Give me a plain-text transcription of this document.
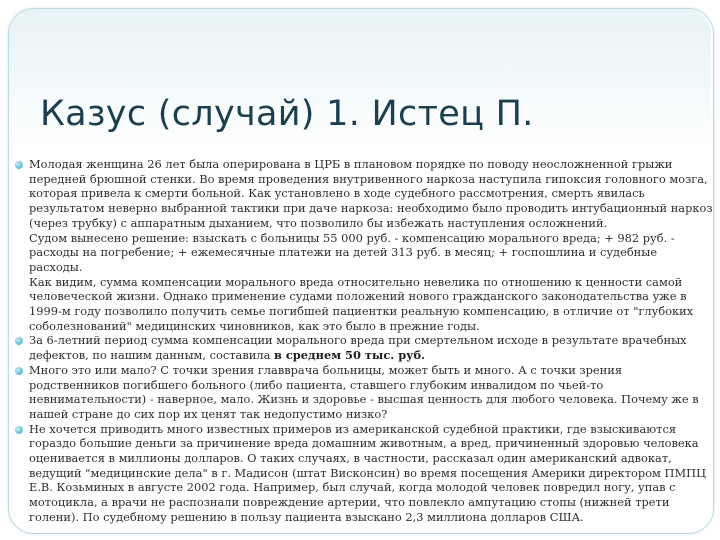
Казус (случай) 1. Истец П.
Молодая женщина 26 лет была оперирована в ЦРБ в плановом порядке по поводу неосложненной грыжи передней брюшной стенки. Во время проведения внутривенного наркоза наступила гипоксия головного мозга, которая привела к смерти больной. Как установлено в ходе судебного рассмотрения, смерть явилась результатом неверно выбранной тактики при даче наркоза: необходимо было проводить интубационный наркоз (через трубку) с аппаратным дыханием, что позволило бы избежать наступления осложнений.
Судом вынесено решение: взыскать с больницы 55 000 руб. - компенсацию морального вреда; + 982 руб. - расходы на погребение; + ежемесячные платежи на детей 313 руб. в месяц; + госпошлина и судебные расходы.
Как видим, сумма компенсации морального вреда относительно невелика по отношению к ценности самой человеческой жизни. Однако применение судами положений нового гражданского законодательства уже в 1999-м году позволило получить семье погибшей пациентки реальную компенсацию, в отличие от "глубоких соболезнований" медицинских чиновников, как это было в прежние годы.
За 6-летний период сумма компенсации морального вреда при смертельном исходе в результате врачебных дефектов, по нашим данным, составила в среднем 50 тыс. руб.
Много это или мало? С точки зрения главврача больницы, может быть и много. А с точки зрения родственников погибшего больного (либо пациента, ставшего глубоким инвалидом по чьей-то невнимательности) - наверное, мало. Жизнь и здоровье - высшая ценность для любого человека. Почему же в нашей стране до сих пор их ценят так недопустимо низко?
Не хочется приводить много известных примеров из американской судебной практики, где взыскиваются гораздо большие деньги за причинение вреда домашним животным, а вред, причиненный здоровью человека оценивается в миллионы долларов. О таких случаях, в частности, рассказал один американский адвокат, ведущий "медицинские дела" в г. Мадисон (штат Висконсин) во время посещения Америки директором ПМПЦ Е.В. Козьминых в августе 2002 года. Например, был случай, когда молодой человек повредил ногу, упав с мотоцикла, а врачи не распознали повреждение артерии, что повлекло ампутацию стопы (нижней трети голени). По судебному решению в пользу пациента взыскано 2,3 миллиона долларов США.
